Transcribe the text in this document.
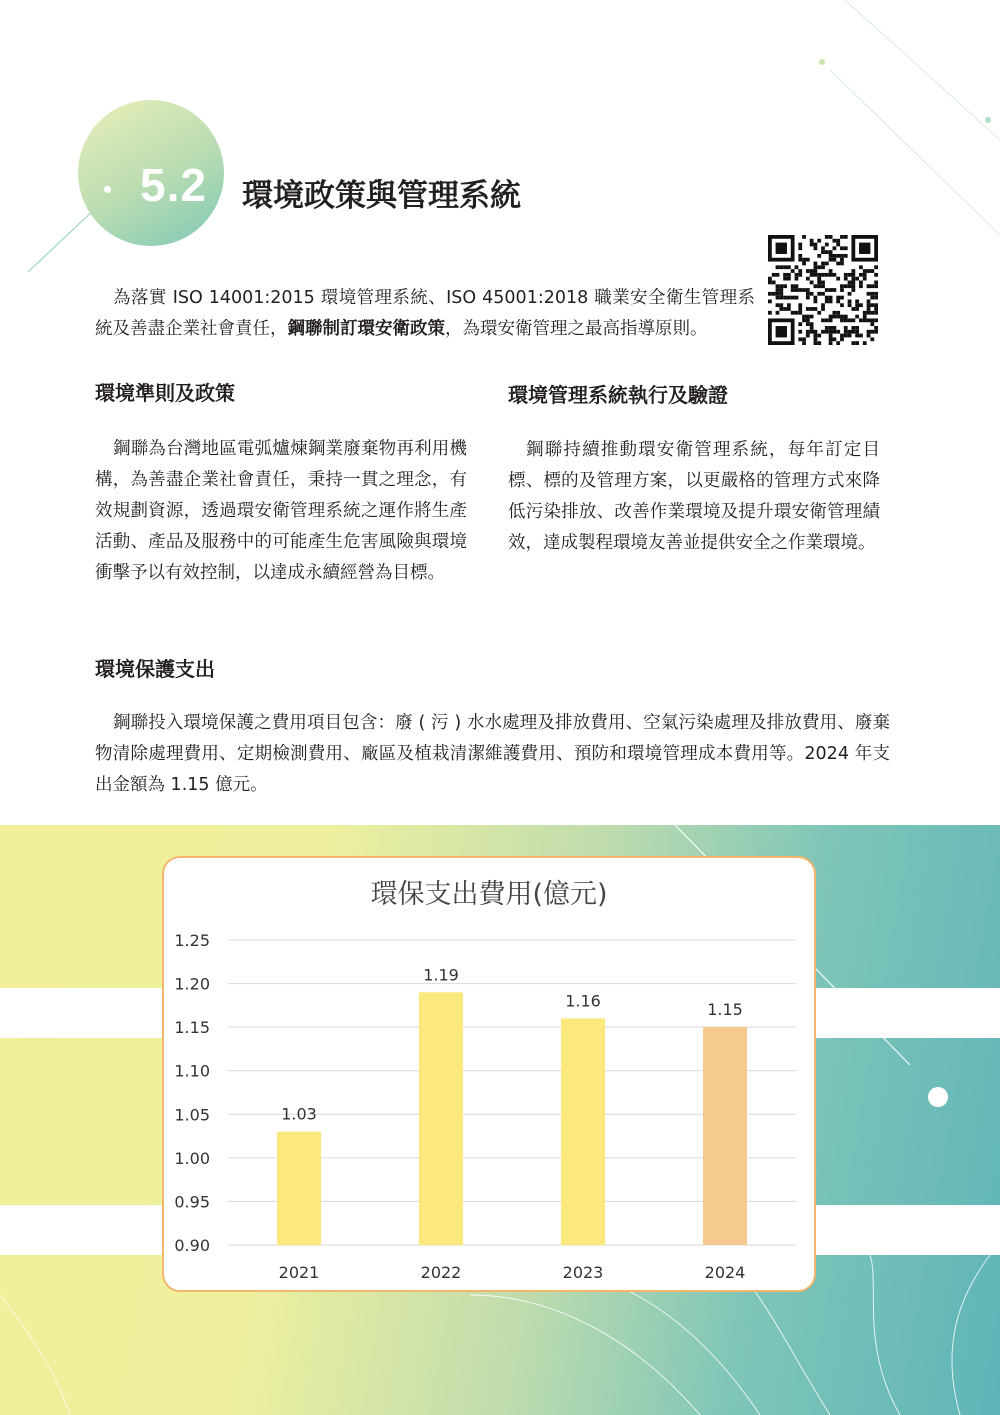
5.2 環境政策與管理系統
為落實 ISO 14001:2015 環境管理系統、ISO 45001:2018 職業安全衛生管理系統及善盡企業社會責任，鋼聯制訂環安衛政策，為環安衛管理之最高指導原則。
環境準則及政策
鋼聯為台灣地區電弧爐煉鋼業廢棄物再利用機構，為善盡企業社會責任，秉持一貫之理念，有效規劃資源，透過環安衛管理系統之運作將生產活動、產品及服務中的可能產生危害風險與環境衝擊予以有效控制，以達成永續經營為目標。
環境管理系統執行及驗證
鋼聯持續推動環安衛管理系統，每年訂定目標、標的及管理方案，以更嚴格的管理方式來降低污染排放、改善作業環境及提升環安衛管理績效，達成製程環境友善並提供安全之作業環境。
環境保護支出
鋼聯投入環境保護之費用項目包含：廢 ( 污 ) 水水處理及排放費用、空氣污染處理及排放費用、廢棄物清除處理費用、定期檢測費用、廠區及植栽清潔維護費用、預防和環境管理成本費用等。2024 年支出金額為 1.15 億元。
環保支出費用(億元)
1.25
1.20
1.15
1.10
1.05
1.00
0.95
0.90
1.03
2021
1.19
2022
1.16
2023
1.15
2024
